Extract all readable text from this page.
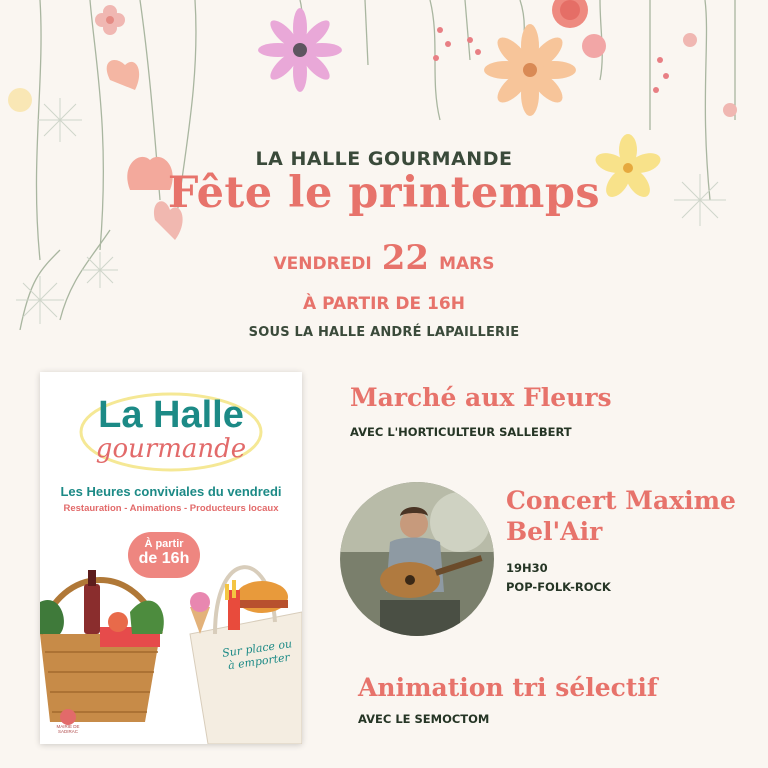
LA HALLE GOURMANDE
Fête le printemps
VENDREDI 22 MARS
À PARTIR DE 16H
SOUS LA HALLE ANDRÉ LAPAILLERIE
La Halle
gourmande
Les Heures conviviales du vendredi
Restauration - Animations - Producteurs locaux
À partir
de 16h
Sur place ou à emporter
MAIRIE DE SADIRAC
Marché aux Fleurs
AVEC L'HORTICULTEUR SALLEBERT
Concert Maxime Bel'Air
19H30
POP-FOLK-ROCK
Animation tri sélectif
AVEC LE SEMOCTOM
